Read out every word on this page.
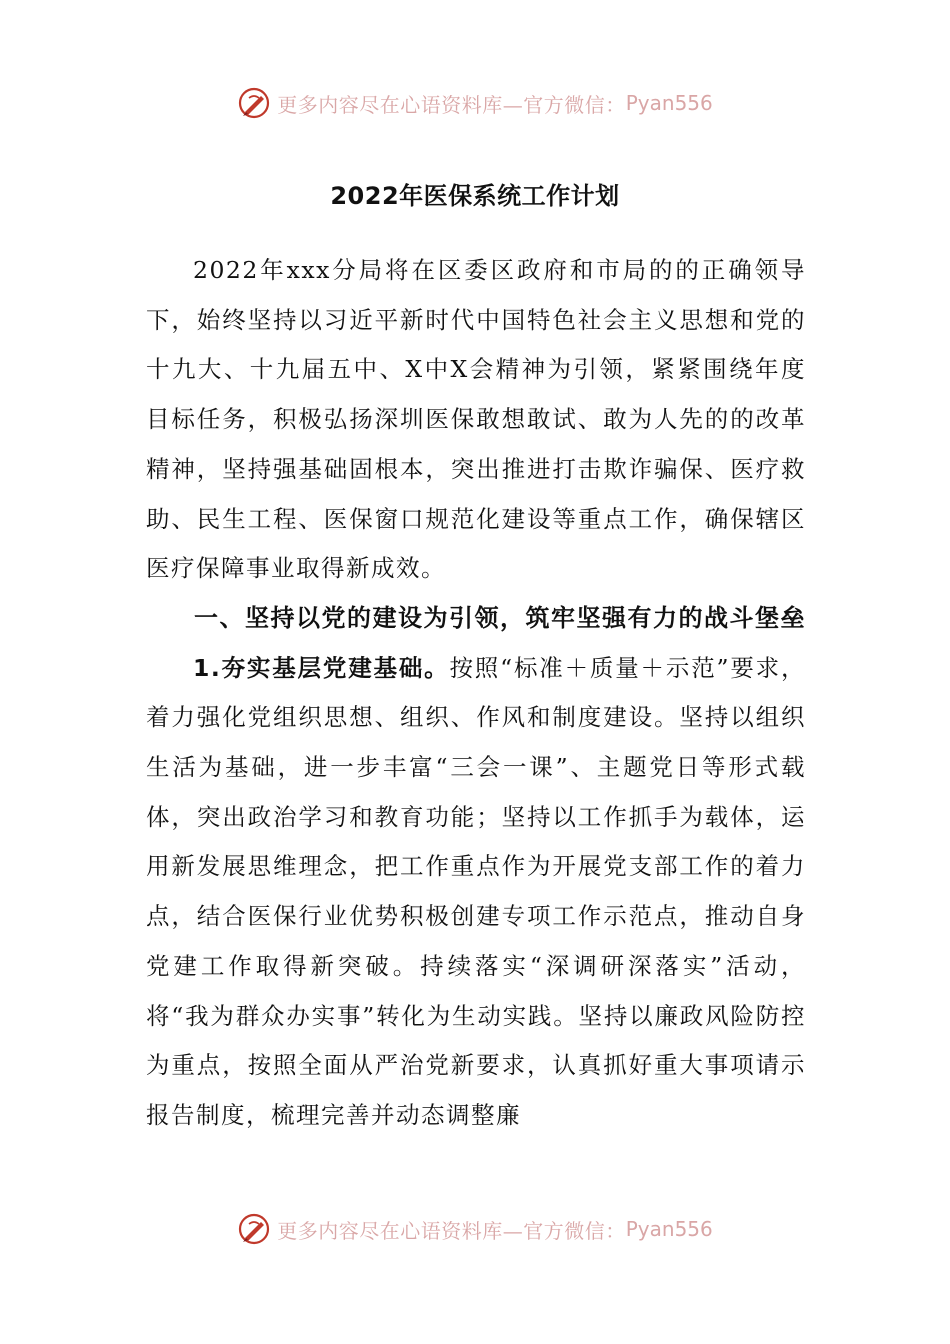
更多内容尽在心语资料库—官方微信： Pyan556
2022年医保系统工作计划

2022年xxx分局将在区委区政府和市局的的正确领导下，始终坚持以习近平新时代中国特色社会主义思想和党的十九大、十九届五中、X中X会精神为引领，紧紧围绕年度目标任务，积极弘扬深圳医保敢想敢试、敢为人先的的改革精神，坚持强基础固根本，突出推进打击欺诈骗保、医疗救助、民生工程、医保窗口规范化建设等重点工作，确保辖区医疗保障事业取得新成效。

一、坚持以党的建设为引领，筑牢坚强有力的战斗堡垒

1.夯实基层党建基础。按照“标准＋质量＋示范”要求，着力强化党组织思想、组织、作风和制度建设。坚持以组织生活为基础，进一步丰富“三会一课”、主题党日等形式载体，突出政治学习和教育功能；坚持以工作抓手为载体，运用新发展思维理念，把工作重点作为开展党支部工作的着力点，结合医保行业优势积极创建专项工作示范点，推动自身党建工作取得新突破。持续落实“深调研深落实”活动，将“我为群众办实事”转化为生动实践。坚持以廉政风险防控为重点，按照全面从严治党新要求，认真抓好重大事项请示报告制度，梳理完善并动态调整廉

更多内容尽在心语资料库—官方微信： Pyan556
